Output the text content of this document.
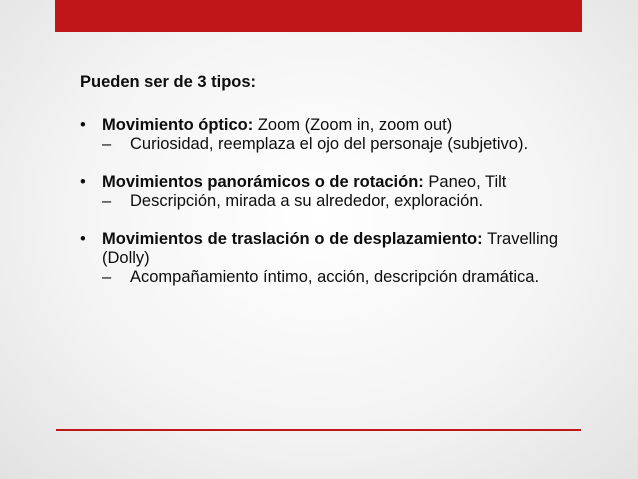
Pueden ser de 3 tipos:
• Movimiento óptico: Zoom (Zoom in, zoom out)
– Curiosidad, reemplaza el ojo del personaje (subjetivo).
• Movimientos panorámicos o de rotación: Paneo, Tilt
– Descripción, mirada a su alrededor, exploración.
• Movimientos de traslación o de desplazamiento: Travelling (Dolly)
– Acompañamiento íntimo, acción, descripción dramática.
